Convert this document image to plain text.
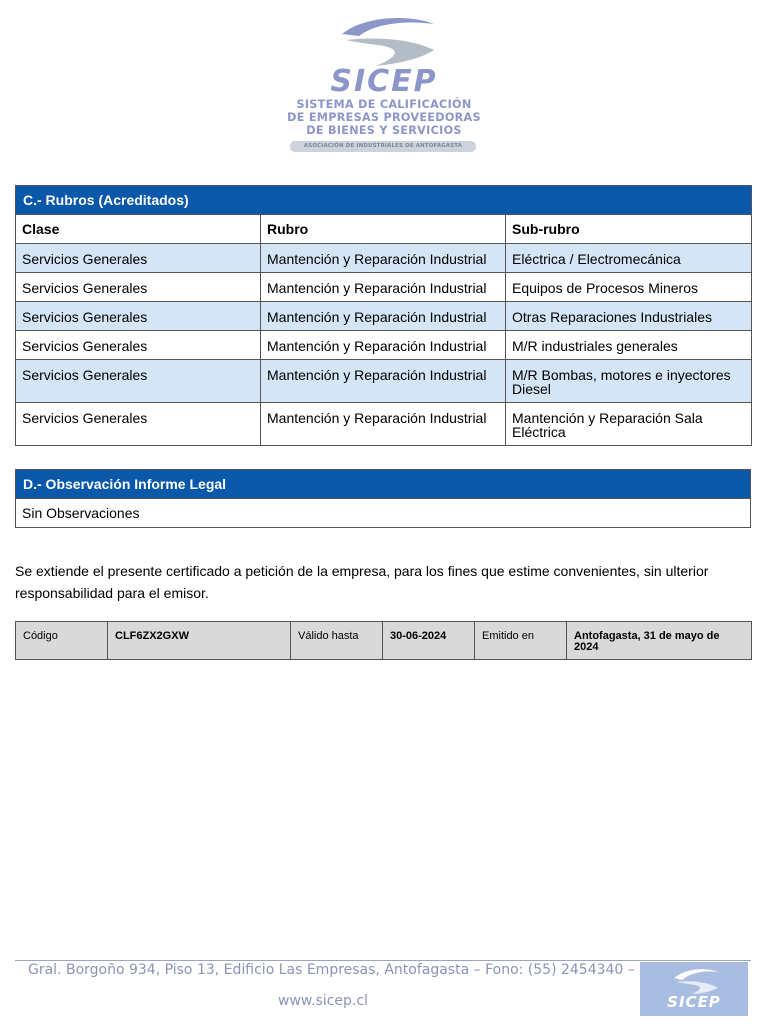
SICEP
SISTEMA DE CALIFICACIÓN
DE EMPRESAS PROVEEDORAS
DE BIENES Y SERVICIOS
ASOCIACIÓN DE INDUSTRIALES DE ANTOFAGASTA
C.- Rubros (Acreditados)		
Clase	Rubro	Sub-rubro
Servicios Generales	Mantención y Reparación Industrial	Eléctrica / Electromecánica
Servicios Generales	Mantención y Reparación Industrial	Equipos de Procesos Mineros
Servicios Generales	Mantención y Reparación Industrial	Otras Reparaciones Industriales
Servicios Generales	Mantención y Reparación Industrial	M/R industriales generales
Servicios Generales	Mantención y Reparación Industrial	M/R Bombas, motores e inyectores Diesel
Servicios Generales	Mantención y Reparación Industrial	Mantención y Reparación Sala Eléctrica
D.- Observación Informe Legal
Sin Observaciones
Se extiende el presente certificado a petición de la empresa, para los fines que estime convenientes, sin ulterior responsabilidad para el emisor.
Código	CLF6ZX2GXW	Válido hasta	30-06-2024	Emitido en	Antofagasta, 31 de mayo de 2024
Gral. Borgoño 934, Piso 13, Edificio Las Empresas, Antofagasta – Fono: (55) 2454340 –
www.sicep.cl	SICEP
